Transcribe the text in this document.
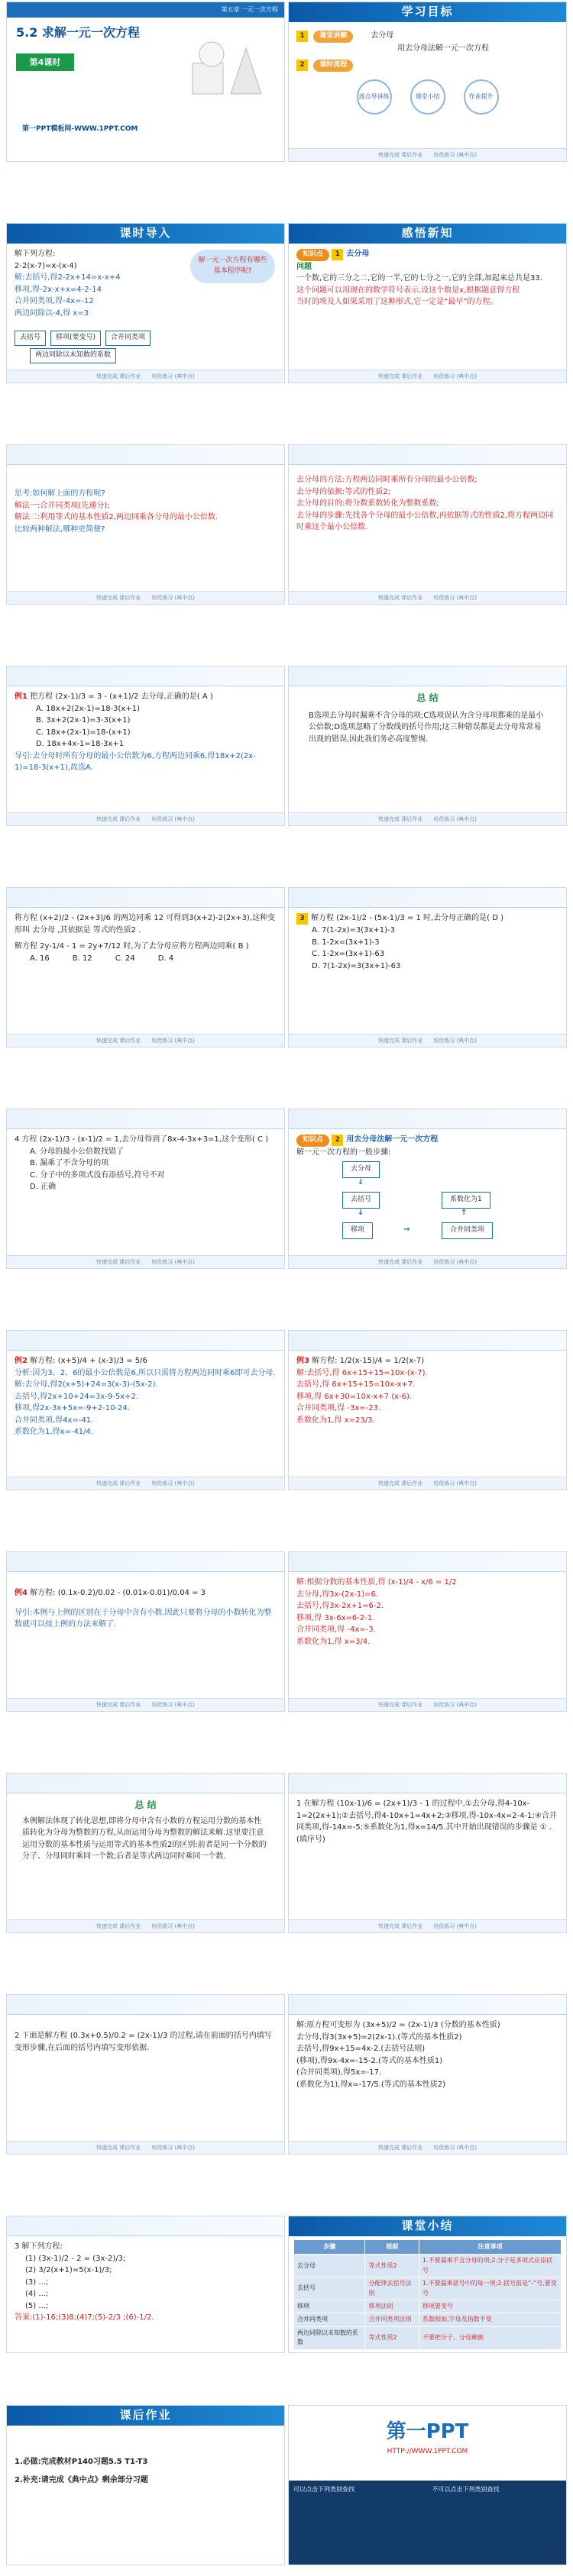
第五章 一元一次方程
5.2 求解一元一次方程
第4课时
第一PPT模板网-WWW.1PPT.COM
学习目标
1 课堂讲解	去分母
用去分母法解一元一次方程
2 课时流程
逐点导讲练	课堂小结	作业提升
快速完成 课后作业 培优练习 (典中点)
课时导入
解下列方程:
2-2(x-7)=x-(x-4)
解:去括号,得2-2x+14=x-x+4
移项,得-2x-x+x=4-2-14
合并同类项,得-4x=-12
两边同除以-4,得 x=3
解一元一次方程有哪些基本程序呢?
去括号	移项(要变号)	合并同类项
两边同除以未知数的系数
快速完成 课后作业 培优练习 (典中点)
感悟新知
知识点 1 去分母
问题
一个数,它的三分之二,它的一半,它的七分之一,它的全部,加起来总共是33.
这个问题可以用现在的数学符号表示,设这个数是x,根据题意得方程
当时的埃及人如果采用了这种形式,它一定是“最早”的方程。
快速完成 课后作业 培优练习 (典中点)
思考:如何解上面的方程呢?
解法一:合并同类项(先通分);
解法二:利用等式的基本性质2,两边同乘各分母的最小公倍数.
比较两种解法,哪种更简便?
快速完成 课后作业 培优练习 (典中点)
去分母的方法:方程两边同时乘所有分母的最小公倍数;
去分母的依据:等式的性质2;
去分母的目的:将分数系数转化为整数系数;
去分母的步骤:先找各个分母的最小公倍数,再依据等式的性质2,将方程两边同时乘这个最小公倍数.
快速完成 课后作业 培优练习 (典中点)
例1 把方程 (2x-1)/3 = 3 - (x+1)/2 去分母,正确的是( A )
A. 18x+2(2x-1)=18-3(x+1)
B. 3x+2(2x-1)=3-3(x+1)
C. 18x+(2x-1)=18-(x+1)
D. 18x+4x-1=18-3x+1
导引:去分母时所有分母的最小公倍数为6,方程两边同乘6,得18x+2(2x-1)=18-3(x+1),故选A.
快速完成 课后作业 培优练习 (典中点)
总 结
B选项去分母时漏乘不含分母的项;C选项误认为含分母项都乘的是最小公倍数;D选项忽略了分数线的括号作用;这三种错误都是去分母常常易出现的错误,因此我们务必高度警惕.
快速完成 课后作业 培优练习 (典中点)
将方程 (x+2)/2 - (2x+3)/6 的两边同乘 12 可得到3(x+2)-2(2x+3),这种变形叫 去分母 ,其依据是 等式的性质2 .
解方程 2y-1/4 - 1 = 2y+7/12 时,为了去分母应将方程两边同乘( B )
A. 16	B. 12	C. 24	D. 4
快速完成 课后作业 培优练习 (典中点)
3 解方程 (2x-1)/2 - (5x-1)/3 = 1 时,去分母正确的是( D )
A. 7(1-2x)=3(3x+1)-3
B. 1-2x=(3x+1)-3
C. 1-2x=(3x+1)-63
D. 7(1-2x)=3(3x+1)-63
快速完成 课后作业 培优练习 (典中点)
4 方程 (2x-1)/3 - (x-1)/2 = 1,去分母得到了8x-4-3x+3=1,这个变形( C )
A. 分母的最小公倍数找错了
B. 漏乘了不含分母的项
C. 分子中的多项式没有添括号,符号不对
D. 正确
快速完成 课后作业 培优练习 (典中点)
知识点 2 用去分母法解一元一次方程
解一元一次方程的一般步骤:
去分母
去括号	系数化为1
移项	合并同类项
↓
↓
→
↑
快速完成 课后作业 培优练习 (典中点)
例2 解方程: (x+5)/4 + (x-3)/3 = 5/6
分析:因为3、2、6的最小公倍数是6,所以只需将方程两边同时乘6即可去分母.
解:去分母,得2(x+5)+24=3(x-3)-(5x-2).
去括号,得2x+10+24=3x-9-5x+2.
移项,得2x-3x+5x=-9+2-10-24.
合并同类项,得4x=-41.
系数化为1,得x=-41/4.
快速完成 课后作业 培优练习 (典中点)
例3 解方程: 1/2(x-15)/4 = 1/2(x-7)
解:去括号,得 6x+15+15=10x-(x-7).
去括号,得 6x+15+15=10x-x+7.
移项,得 6x+30=10x-x+7 (x-6).
合并同类项,得 -3x=-23.
系数化为1,得 x=23/3.
快速完成 课后作业 培优练习 (典中点)
例4 解方程: (0.1x-0.2)/0.02 - (0.01x-0.01)/0.04 = 3
导引:本例与上例的区别在于分母中含有小数.因此只要将分母的小数转化为整数就可以按上例的方法来解了.
快速完成 课后作业 培优练习 (典中点)
解:根据分数的基本性质,得 (x-1)/4 - x/6 = 1/2
去分母,得3x-(2x-1)=6.
去括号,得3x-2x+1=6-2.
移项,得 3x-6x=6-2-1.
合并同类项,得 -4x=-3.
系数化为1,得 x=3/4.
快速完成 课后作业 培优练习 (典中点)
总 结
本例解法体现了转化思想,即将分母中含有小数的方程运用分数的基本性质转化为分母为整数的方程,从而运用分母为整数的解法来解.这里要注意运用分数的基本性质与运用等式的基本性质2的区别:前者是同一个分数的分子、分母同时乘同一个数;后者是等式两边同时乘同一个数.
快速完成 课后作业 培优练习 (典中点)
1 在解方程 (10x-1)/6 = (2x+1)/3 - 1 的过程中,①去分母,得4-10x-1=2(2x+1);②去括号,得4-10x+1=4x+2;③移项,得-10x-4x=2-4-1;④合并同类项,得-14x=-5;⑤系数化为1,得x=14/5.其中开始出现错误的步骤是 ① .(填序号)
快速完成 课后作业 培优练习 (典中点)
2 下面是解方程 (0.3x+0.5)/0.2 = (2x-1)/3 的过程,请在前面的括号内填写变形步骤,在后面的括号内填写变形依据.
快速完成 课后作业 培优练习 (典中点)
解:原方程可变形为 (3x+5)/2 = (2x-1)/3 (分数的基本性质)
去分母,得3(3x+5)=2(2x-1).(等式的基本性质2)
去括号,得9x+15=4x-2.(去括号法则)
(移项),得9x-4x=-15-2.(等式的基本性质1)
(合并同类项),得5x=-17.
(系数化为1),得x=-17/5.(等式的基本性质2)
快速完成 课后作业 培优练习 (典中点)
3 解下列方程:
(1) (3x-1)/2 - 2 = (3x-2)/3;
(2) 3/2(x+1)=5(x-1)/3;
(3) ...;
(4) ...;
(5) ...;
答案:(1)-16;(3)8;(4)7;(5)-2/3 ;(6)-1/2.
课堂小结
步骤	根据	注意事项
去分母	等式性质2	1.不要漏乘不含分母的项;2.分子是多项式应添括号
去括号	分配律去括号法则	1.不要漏乘括号中的每一项;2.括号前是“-”号,要变号
移项	移项法则	移项要变号
合并同类项	合并同类项法则	系数相加,字母及指数不变
两边同除以未知数的系数	等式性质2	不要把分子、分母颠倒
课后作业
1.必做:完成教材P140习题5.5 T1-T3
2.补充:请完成《典中点》剩余部分习题
第一PPT
HTTP://WWW.1PPT.COM
可以点击下列类别查找	不可以点击下列类别查找
